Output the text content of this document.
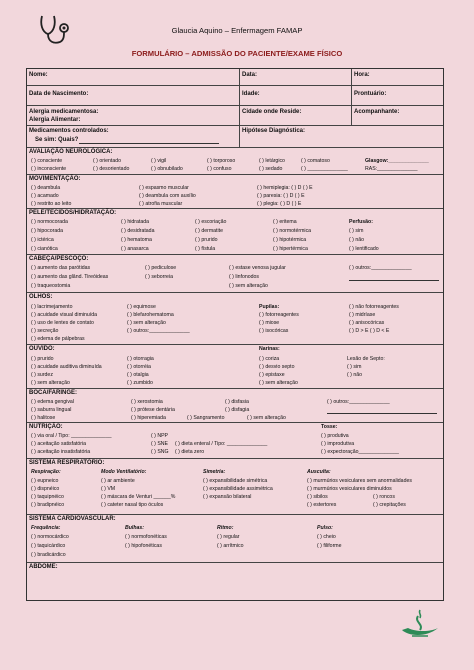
Glaucia Aquino – Enfermagem FAMAP
FORMULÁRIO – ADMISSÃO DO PACIENTE/EXAME FÍSICO
Nome:	Data:	Hora:
Data de Nascimento:	Idade:	Prontuário:
Alergia medicamentosa:
Alergia Alimentar:
Cidade onde Reside:	Acompanhante:
Medicamentos controlados:
Se sim: Quais?
Hipótese Diagnóstica:
AVALIAÇÃO NEUROLÓGICA:
( ) consciente	( ) orientado	( ) vigil	( ) torporoso	( ) letárgico	( ) comatoso	Glasgow:______________
( ) inconsciente	( ) desorientado	( ) obnubilado	( ) confuso	( ) sedado	( ) ______________	RAS:______________
MOVIMENTAÇÃO:
( ) deambula	( ) espasmo muscular	( ) hemiplegia: ( ) D ( ) E
( ) acamado	( ) deambula com auxílio	( ) paresia: ( ) D ( ) E
( ) restrito ao leito	( ) atrofia muscular	( ) plegia: ( ) D ( ) E
PELE/TECIDOS/HIDRATAÇÃO:
( ) normocorada	( ) hidratada	( ) escoriação	( ) eritema	Perfusão:
( ) hipocorada	( ) desidratada	( ) dermatite	( ) normotérmica	( ) sim
( ) ictérica	( ) hematoma	( ) prurido	( ) hipotérmica	( ) não
( ) cianótica	( ) anasarca	( ) fístula	( ) hipertérmica	( ) lentificado
CABEÇA/PESCOÇO:
( ) aumento das parótidas	( ) pediculose	( ) estase venosa jugular	( ) outros:______________
( ) aumento das glând. Tireóideas	( ) seborreia	( ) linfonodos
( ) traqueostomia	( ) sem alteração
OLHOS:
( ) lacrimejamento	( ) equimose	Pupilas:	( ) não fotorreagentes
( ) acuidade visual diminuída	( ) blefarohematoma	( ) fotorreagentes	( ) midríase
( ) uso de lentes de contato	( ) sem alteração	( ) miose	( ) anisocóricas
( ) secreção	( ) outros:______________	( ) isocóricas	( ) D > E ( ) D < E
( ) edema de pálpebras
OUVIDO:	Narinas:
( ) prurido	( ) otorragia	( ) coriza	Lesão de Septo:
( ) acuidade auditiva diminuída	( ) otorréia	( ) desvio septo	( ) sim
( ) surdez	( ) otalgia	( ) epistaxe	( ) não
( ) sem alteração	( ) zumbido	( ) sem alteração
BOCA/FARINGE:
( ) edema gengival	( ) xerostomia	( ) disfasia	( ) outros:______________
( ) saburra lingual	( ) prótese dentária	( ) disfagia
( ) halitose	( ) hiperemiada	( ) Sangramento	( ) sem alteração
NUTRIÇÃO:	Tosse:
( ) via oral / Tipo: ______________	( ) NPP	( ) produtiva
( ) aceitação satisfatória	( ) SNE ( ) dieta enteral / Tipo: ______________	( ) improdutiva
( ) aceitação insatisfatória	( ) SNG ( ) dieta zero	( ) expectoração______________
SISTEMA RESPIRATÓRIO:
Respiração:	Modo Ventilatório:	Simetria:	Ausculta:
( ) eupneico	( ) ar ambiente	( ) expansibilidade simétrica	( ) murmúrios vesiculares sem anormalidades
( ) dispnéico	( ) VM	( ) expansibilidade assimétrica	( ) murmúrios vesiculares diminuídos
( ) taquipnéico	( ) máscara de Venturi ______%	( ) expansão bilateral	( ) sibilos	( ) roncos
( ) bradipnéico	( ) cateter nasal tipo óculos	( ) estertores	( ) crepitações
SISTEMA CARDIOVASCULAR:
Frequência:	Bulhas:	Ritmo:	Pulso:
( ) normocárdico	( ) normofonéticas	( ) regular	( ) cheio
( ) taquicárdico	( ) hipofonéticas	( ) arrítmico	( ) filiforme
( ) bradicárdico
ABDOME:
